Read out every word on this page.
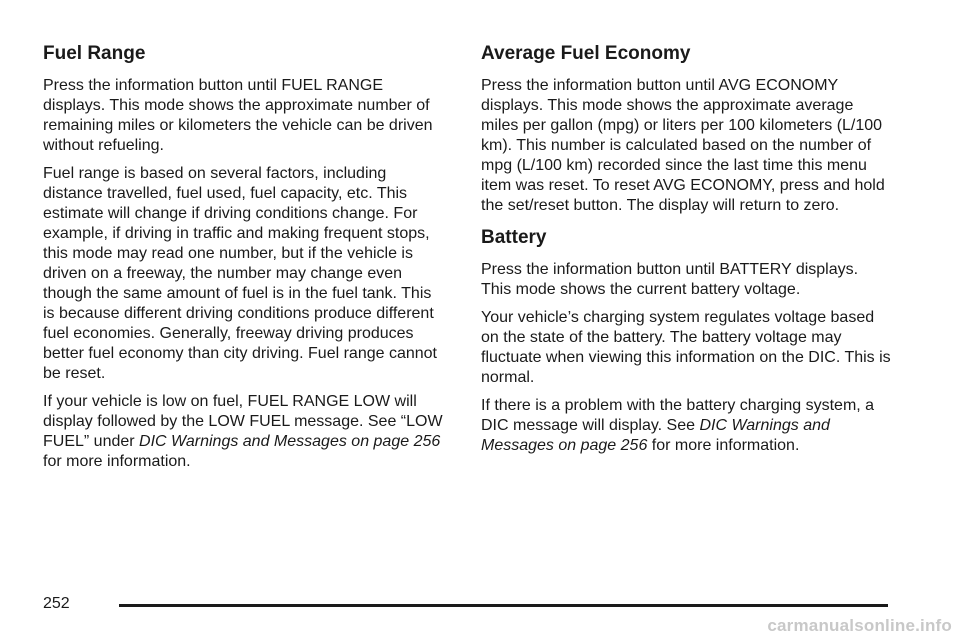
Fuel Range

Press the information button until FUEL RANGE displays. This mode shows the approximate number of remaining miles or kilometers the vehicle can be driven without refueling.

Fuel range is based on several factors, including distance travelled, fuel used, fuel capacity, etc. This estimate will change if driving conditions change. For example, if driving in traffic and making frequent stops, this mode may read one number, but if the vehicle is driven on a freeway, the number may change even though the same amount of fuel is in the fuel tank. This is because different driving conditions produce different fuel economies. Generally, freeway driving produces better fuel economy than city driving. Fuel range cannot be reset.

If your vehicle is low on fuel, FUEL RANGE LOW will display followed by the LOW FUEL message. See “LOW FUEL” under DIC Warnings and Messages on page 256 for more information.

Average Fuel Economy

Press the information button until AVG ECONOMY displays. This mode shows the approximate average miles per gallon (mpg) or liters per 100 kilometers (L/100 km). This number is calculated based on the number of mpg (L/100 km) recorded since the last time this menu item was reset. To reset AVG ECONOMY, press and hold the set/reset button. The display will return to zero.

Battery

Press the information button until BATTERY displays. This mode shows the current battery voltage.

Your vehicle’s charging system regulates voltage based on the state of the battery. The battery voltage may fluctuate when viewing this information on the DIC. This is normal.

If there is a problem with the battery charging system, a DIC message will display. See DIC Warnings and Messages on page 256 for more information.

252
carmanualsonline.info
